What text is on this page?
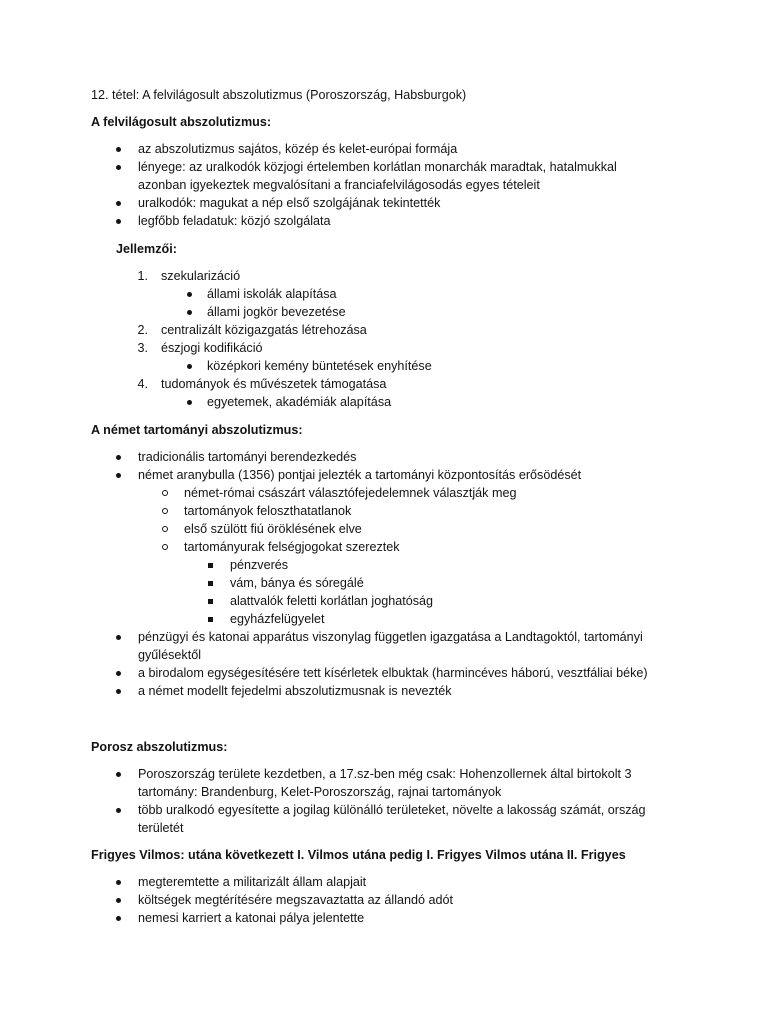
12. tétel: A felvilágosult abszolutizmus (Poroszország, Habsburgok)
A felvilágosult abszolutizmus:
az abszolutizmus sajátos, közép és kelet-európai formája
lényege: az uralkodók közjogi értelemben korlátlan monarchák maradtak, hatalmukkal
azonban igyekeztek megvalósítani a franciafelvilágosodás egyes tételeit
uralkodók: magukat a nép első szolgájának tekintették
legfőbb feladatuk: közjó szolgálata
Jellemzői:
1. szekularizáció
állami iskolák alapítása
állami jogkör bevezetése
2. centralizált közigazgatás létrehozása
3. észjogi kodifikáció
középkori kemény büntetések enyhítése
4. tudományok és művészetek támogatása
egyetemek, akadémiák alapítása
A német tartományi abszolutizmus:
tradicionális tartományi berendezkedés
német aranybulla (1356) pontjai jelezték a tartományi központosítás erősödését
német-római császárt választófejedelemnek választják meg
tartományok feloszthatatlanok
első szülött fiú öröklésének elve
tartományurak felségjogokat szereztek
pénzverés
vám, bánya és sóregálé
alattvalók feletti korlátlan joghatóság
egyházfelügyelet
pénzügyi és katonai apparátus viszonylag független igazgatása a Landtagoktól, tartományi
gyűlésektől
a birodalom egységesítésére tett kísérletek elbuktak (harmincéves háború, vesztfáliai béke)
a német modellt fejedelmi abszolutizmusnak is nevezték
Porosz abszolutizmus:
Poroszország területe kezdetben, a 17.sz-ben még csak: Hohenzollernek által birtokolt 3
tartomány: Brandenburg, Kelet-Poroszország, rajnai tartományok
több uralkodó egyesítette a jogilag különálló területeket, növelte a lakosság számát, ország
területét
Frigyes Vilmos: utána következett I. Vilmos utána pedig I. Frigyes Vilmos utána II. Frigyes
megteremtette a militarizált állam alapjait
költségek megtérítésére megszavaztatta az állandó adót
nemesi karriert a katonai pálya jelentette
